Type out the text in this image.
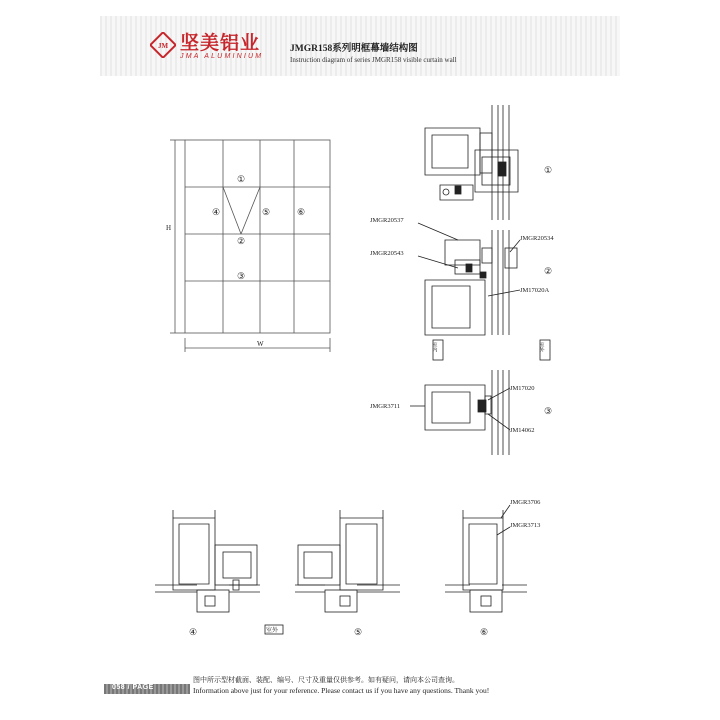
JM 坚美铝业
JMA ALUMINIUM
JMGR158系列明框幕墙结构图
Instruction diagram of series JMGR158 visible curtain wall
H
W
①
④	⑤	⑥
②
③
①
②
③
JMGR20537
JMGR20534
JMGR20543
JM17020A
室内	室外
JM17020
JMGR3711
JM14062
④	室外	⑤	⑥
JMGR3706
JMGR3713
058 / PAGE
图中所示型材截面、装配、编号、尺寸及重量仅供参考。如有疑问，请向本公司查询。
Information above just for your reference. Please contact us if you have any questions. Thank you!
